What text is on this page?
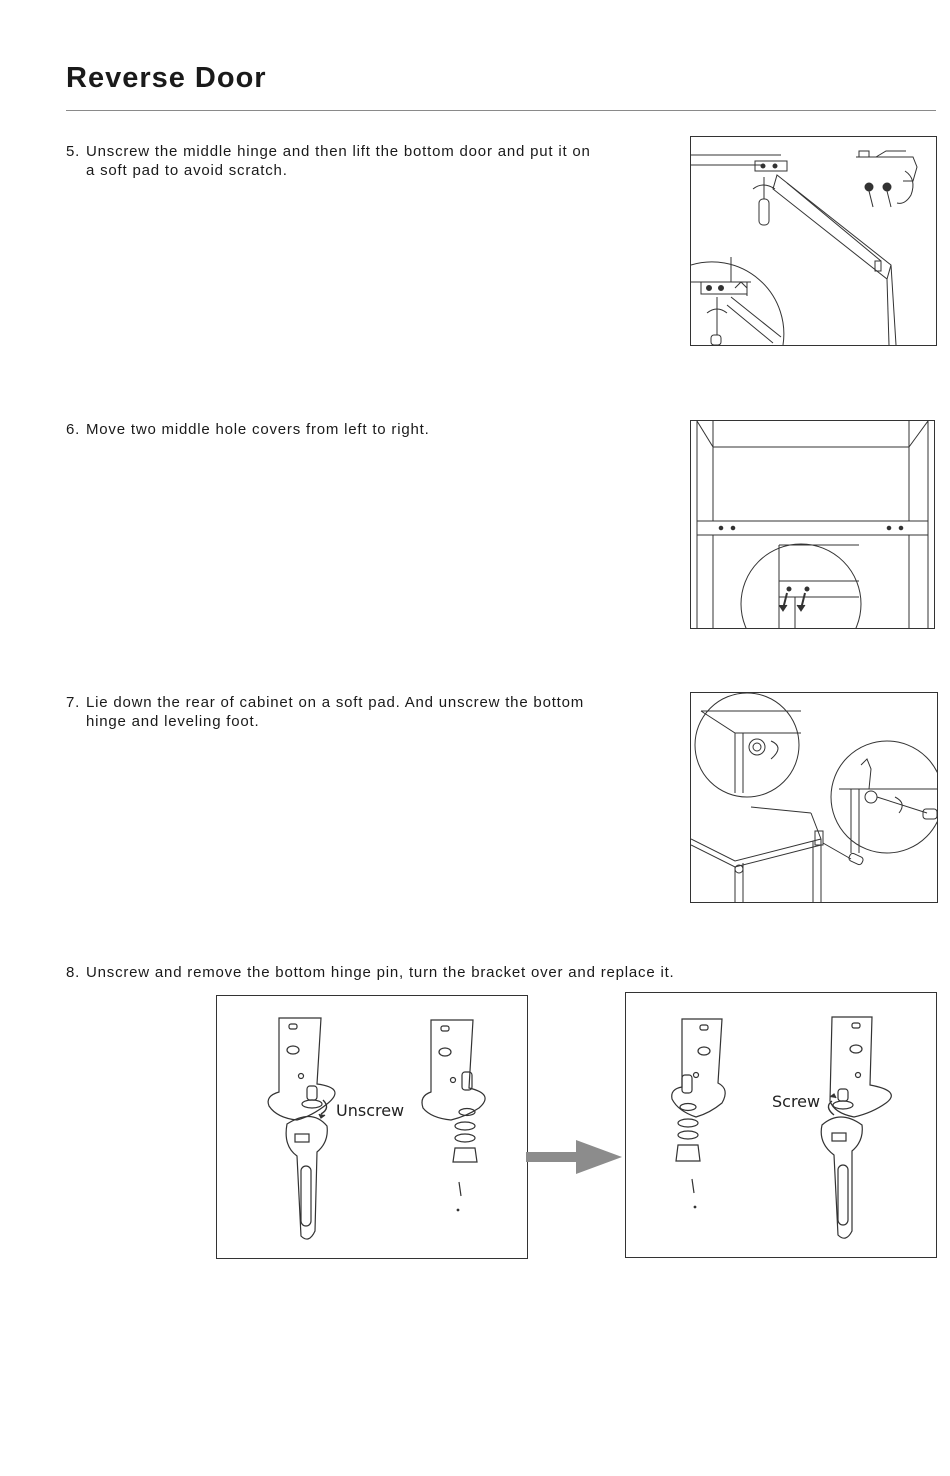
Reverse Door
5. Unscrew the middle hinge and then lift the bottom door and put it on
a soft pad to avoid scratch.
6. Move two middle hole covers from left to right.
7. Lie down the rear of cabinet on a soft pad. And unscrew the bottom
hinge and leveling foot.
8. Unscrew and remove the bottom hinge pin, turn the bracket over and replace it.
Unscrew	Screw
